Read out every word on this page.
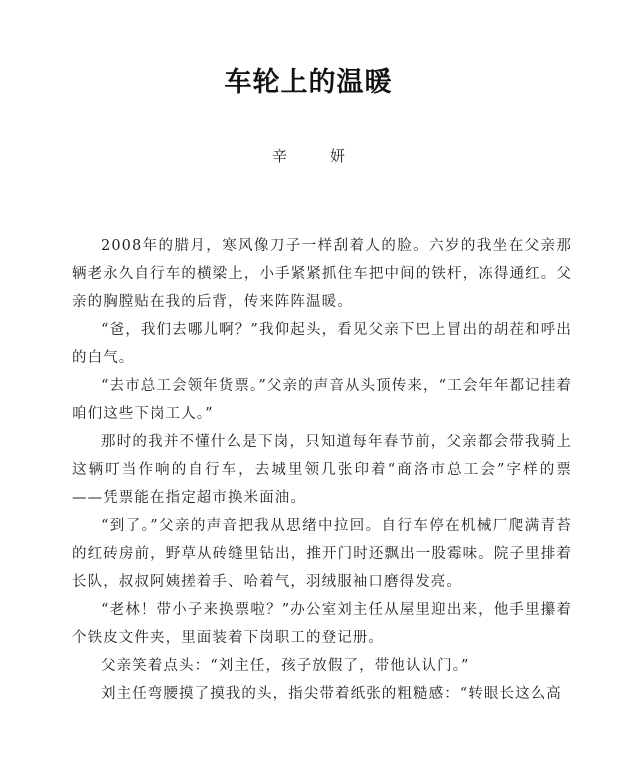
车轮上的温暖
辛　妍

2008年的腊月，寒风像刀子一样刮着人的脸。六岁的我坐在父亲那辆老永久自行车的横梁上，小手紧紧抓住车把中间的铁杆，冻得通红。父亲的胸膛贴在我的后背，传来阵阵温暖。

“爸，我们去哪儿啊？”我仰起头，看见父亲下巴上冒出的胡茬和呼出的白气。

“去市总工会领年货票。”父亲的声音从头顶传来，“工会年年都记挂着咱们这些下岗工人。”

那时的我并不懂什么是下岗，只知道每年春节前，父亲都会带我骑上这辆叮当作响的自行车，去城里领几张印着“商洛市总工会”字样的票——凭票能在指定超市换米面油。

“到了。”父亲的声音把我从思绪中拉回。自行车停在机械厂爬满青苔的红砖房前，野草从砖缝里钻出，推开门时还飘出一股霉味。院子里排着长队，叔叔阿姨搓着手、哈着气，羽绒服袖口磨得发亮。

“老林！带小子来换票啦？”办公室刘主任从屋里迎出来，他手里攥着个铁皮文件夹，里面装着下岗职工的登记册。

父亲笑着点头：“刘主任，孩子放假了，带他认认门。”

刘主任弯腰摸了摸我的头，指尖带着纸张的粗糙感：“转眼长这么高
